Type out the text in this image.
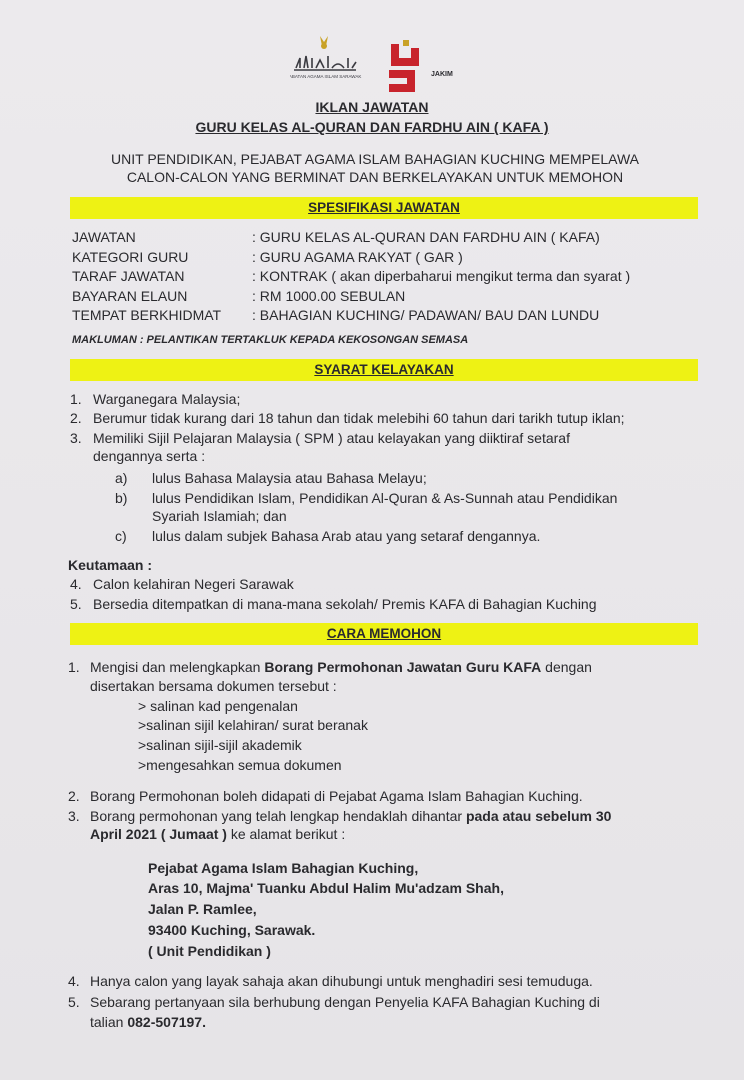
JABATAN AGAMA ISLAM SARAWAK	JAKIM
IKLAN JAWATAN
GURU KELAS AL-QURAN DAN FARDHU AIN ( KAFA )
UNIT PENDIDIKAN, PEJABAT AGAMA ISLAM BAHAGIAN KUCHING MEMPELAWA
CALON-CALON YANG BERMINAT DAN BERKELAYAKAN UNTUK MEMOHON
SPESIFIKASI JAWATAN
JAWATAN	: GURU KELAS AL-QURAN DAN FARDHU AIN ( KAFA)
KATEGORI GURU	: GURU AGAMA RAKYAT ( GAR )
TARAF JAWATAN	: KONTRAK ( akan diperbaharui mengikut terma dan syarat )
BAYARAN ELAUN	: RM 1000.00 SEBULAN
TEMPAT BERKHIDMAT : BAHAGIAN KUCHING/ PADAWAN/ BAU DAN LUNDU
MAKLUMAN : PELANTIKAN TERTAKLUK KEPADA KEKOSONGAN SEMASA
SYARAT KELAYAKAN
1. Warganegara Malaysia;
2. Berumur tidak kurang dari 18 tahun dan tidak melebihi 60 tahun dari tarikh tutup iklan;
3. Memiliki Sijil Pelajaran Malaysia ( SPM ) atau kelayakan yang diiktiraf setaraf
dengannya serta :
a) lulus Bahasa Malaysia atau Bahasa Melayu;
b) lulus Pendidikan Islam, Pendidikan Al-Quran & As-Sunnah atau Pendidikan
Syariah Islamiah; dan
c) lulus dalam subjek Bahasa Arab atau yang setaraf dengannya.
Keutamaan :
4. Calon kelahiran Negeri Sarawak
5. Bersedia ditempatkan di mana-mana sekolah/ Premis KAFA di Bahagian Kuching
CARA MEMOHON
1. Mengisi dan melengkapkan Borang Permohonan Jawatan Guru KAFA dengan
disertakan bersama dokumen tersebut :
> salinan kad pengenalan
>salinan sijil kelahiran/ surat beranak
>salinan sijil-sijil akademik
>mengesahkan semua dokumen
2. Borang Permohonan boleh didapati di Pejabat Agama Islam Bahagian Kuching.
3. Borang permohonan yang telah lengkap hendaklah dihantar pada atau sebelum 30
April 2021 ( Jumaat ) ke alamat berikut :
Pejabat Agama Islam Bahagian Kuching,
Aras 10, Majma' Tuanku Abdul Halim Mu'adzam Shah,
Jalan P. Ramlee,
93400 Kuching, Sarawak.
( Unit Pendidikan )
4. Hanya calon yang layak sahaja akan dihubungi untuk menghadiri sesi temuduga.
5. Sebarang pertanyaan sila berhubung dengan Penyelia KAFA Bahagian Kuching di
talian 082-507197.
